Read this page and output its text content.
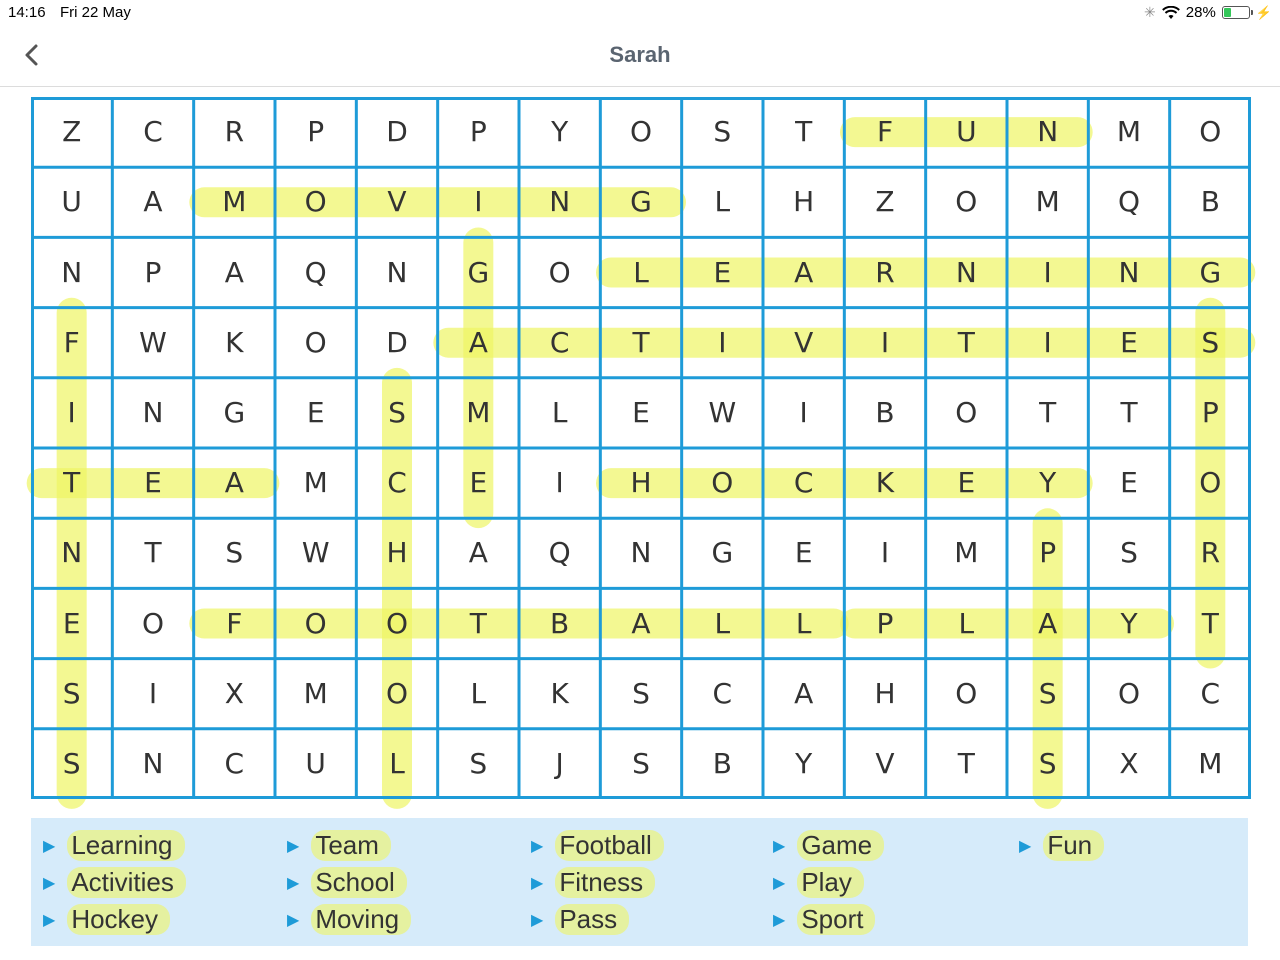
14:16 Fri 22 May	✳ 28%	⚡
Sarah
Z	C	R	P	D	P	Y	O	S	T	F	U	N	M	O
U	A	M	O	V	I	N	G	L	H	Z	O	M	Q	B
N	P	A	Q	N	G	O	L	E	A	R	N	I	N	G
F	W	K	O	D	A	C	T	I	V	I	T	I	E	S
I	N	G	E	S	M	L	E	W	I	B	O	T	T	P
T	E	A	M	C	E	I	H	O	C	K	E	Y	E	O
N	T	S	W	H	A	Q	N	G	E	I	M	P	S	R
E	O	F	O	O	T	B	A	L	L	P	L	A	Y	T
S	I	X	M	O	L	K	S	C	A	H	O	S	O	C
S	N	C	U	L	S	J	S	B	Y	V	T	S	X	M
▶ Learning
▶ Activities
▶ Hockey
▶ Team
▶ School
▶ Moving
▶ Football
▶ Fitness
▶ Pass
▶ Game
▶ Play
▶ Sport
▶ Fun
